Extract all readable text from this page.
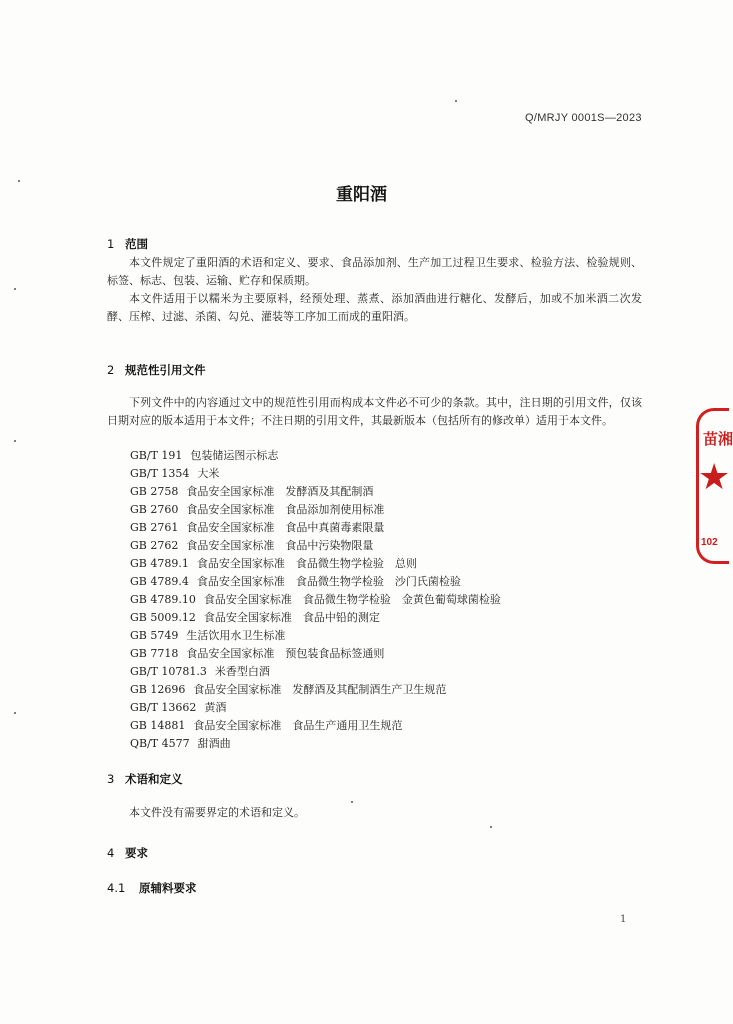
Q/MRJY 0001S—2023
重阳酒
1 范围

本文件规定了重阳酒的术语和定义、要求、食品添加剂、生产加工过程卫生要求、检验方法、检验规则、标签、标志、包装、运输、贮存和保质期。

本文件适用于以糯米为主要原料，经预处理、蒸煮、添加酒曲进行糖化、发酵后，加或不加米酒二次发酵、压榨、过滤、杀菌、勾兑、灌装等工序加工而成的重阳酒。

2 规范性引用文件

下列文件中的内容通过文中的规范性引用而构成本文件必不可少的条款。其中，注日期的引用文件，仅该日期对应的版本适用于本文件；不注日期的引用文件，其最新版本（包括所有的修改单）适用于本文件。

GB/T 191 包装储运图示标志
GB/T 1354 大米
GB 2758 食品安全国家标准　发酵酒及其配制酒
GB 2760 食品安全国家标准　食品添加剂使用标准
GB 2761 食品安全国家标准　食品中真菌毒素限量
GB 2762 食品安全国家标准　食品中污染物限量
GB 4789.1 食品安全国家标准　食品微生物学检验　总则
GB 4789.4 食品安全国家标准　食品微生物学检验　沙门氏菌检验
GB 4789.10 食品安全国家标准　食品微生物学检验　金黄色葡萄球菌检验
GB 5009.12 食品安全国家标准　食品中铅的测定
GB 5749 生活饮用水卫生标准
GB 7718 食品安全国家标准　预包装食品标签通则
GB/T 10781.3 米香型白酒
GB 12696 食品安全国家标准　发酵酒及其配制酒生产卫生规范
GB/T 13662 黄酒
GB 14881 食品安全国家标准　食品生产通用卫生规范
QB/T 4577 甜酒曲
3 术语和定义

本文件没有需要界定的术语和定义。

4 要求
4.1 原辅料要求
1
苗湘
★
102
